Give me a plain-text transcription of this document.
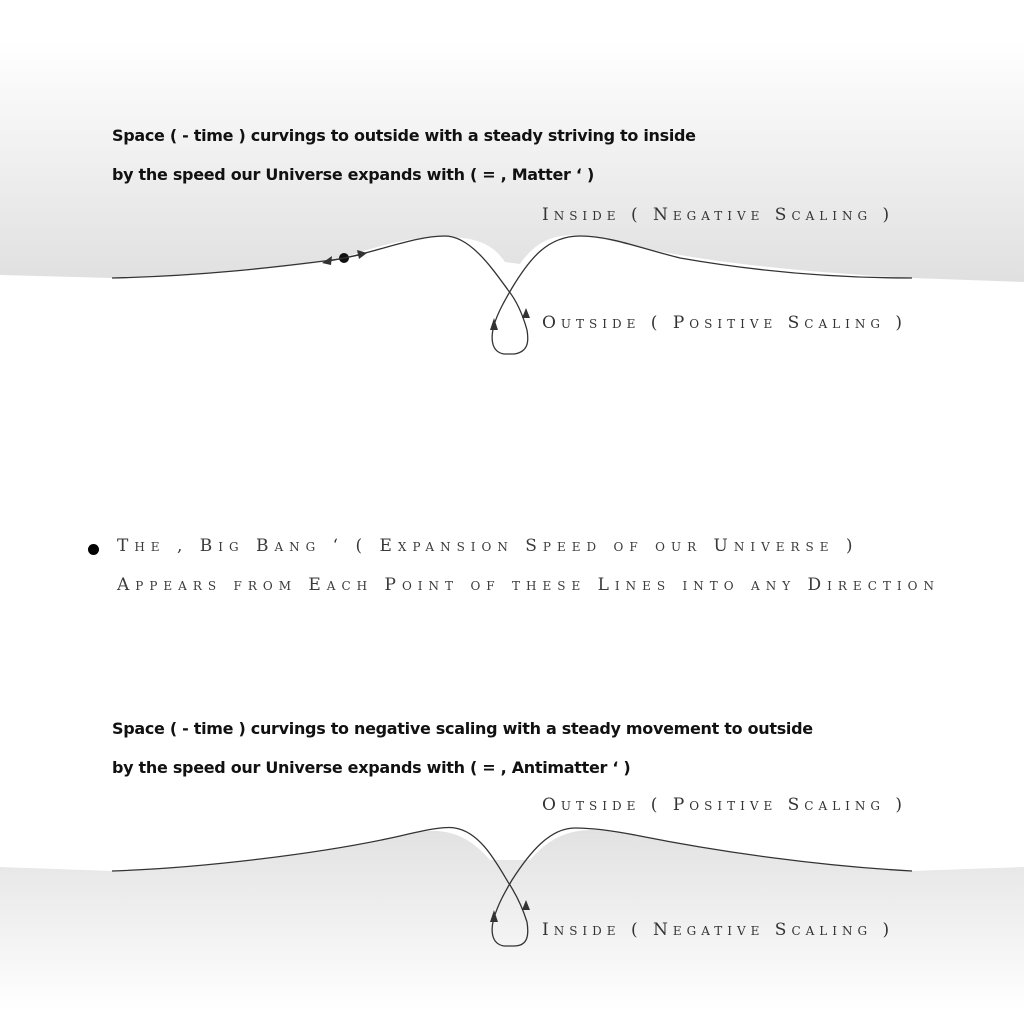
Space ( - time ) curvings to outside with a steady striving to inside
by the speed our Universe expands with ( = , Matter ‘ )
Inside ( Negative Scaling )
Outside ( Positive Scaling )
The , Big Bang ‘ ( Expansion Speed of our Universe )
Appears from Each Point of these Lines into any Direction
Space ( - time ) curvings to negative scaling with a steady movement to outside
by the speed our Universe expands with ( = , Antimatter ‘ )
Outside ( Positive Scaling )
Inside ( Negative Scaling )
